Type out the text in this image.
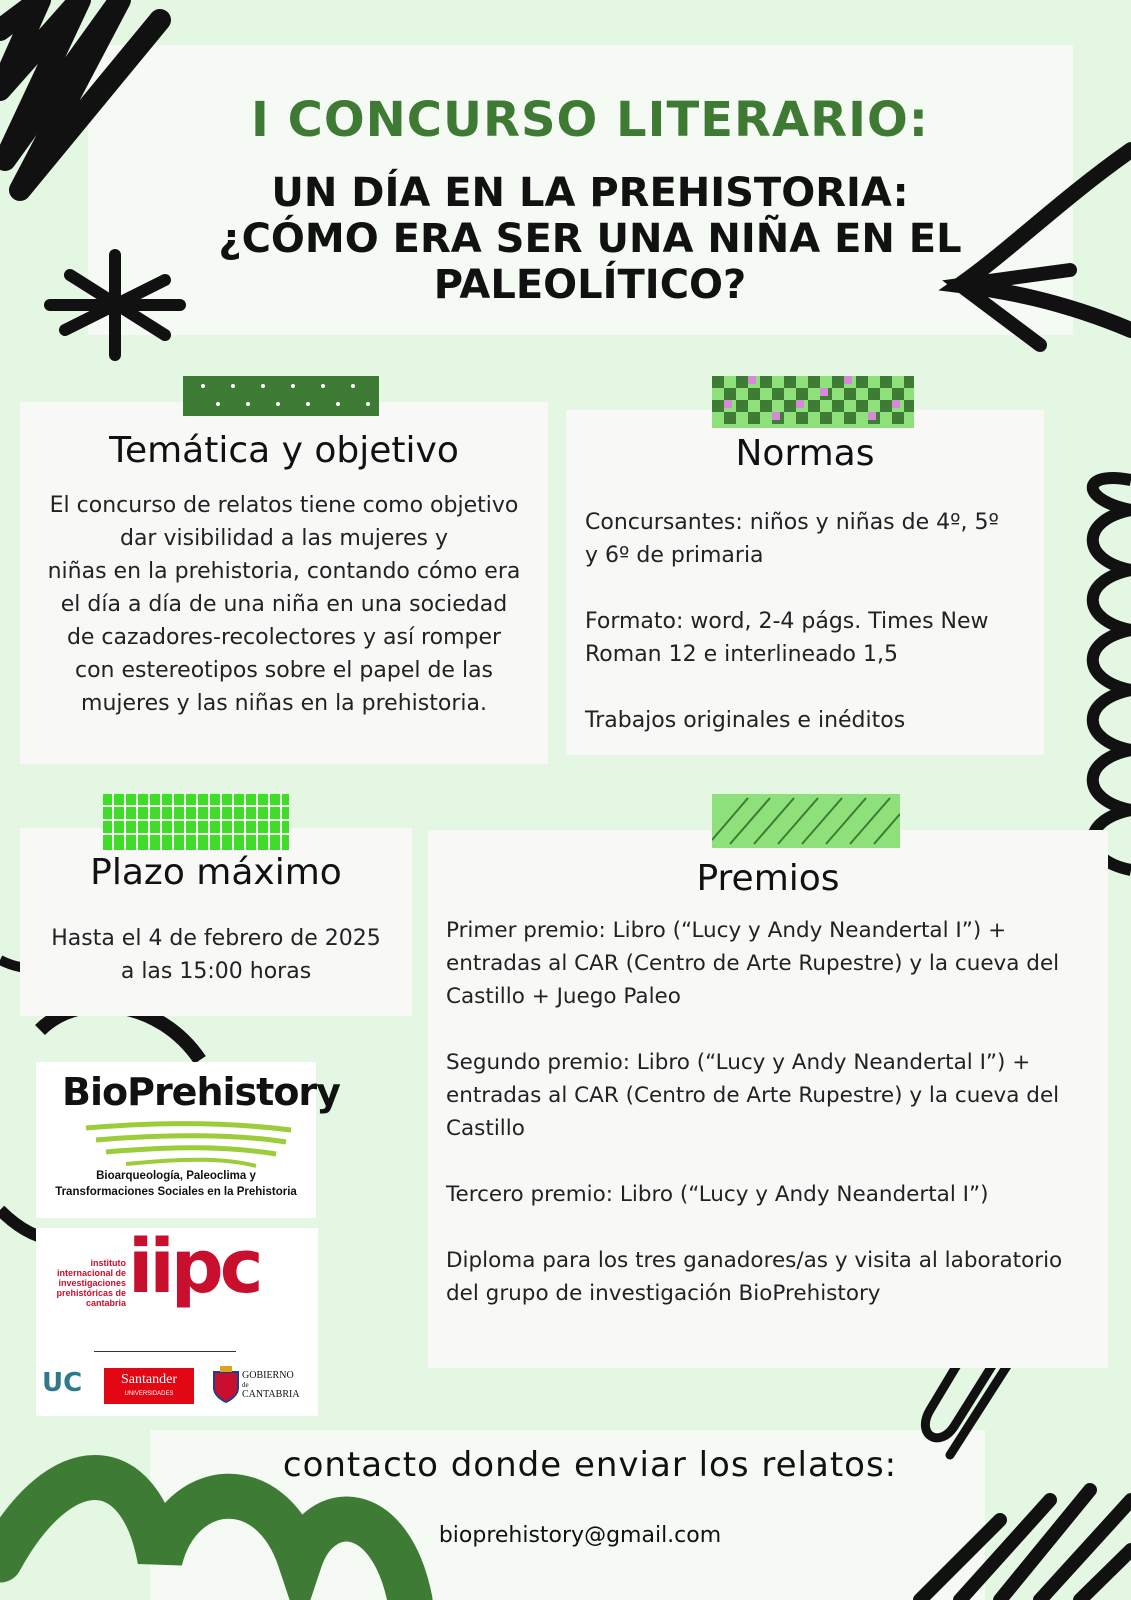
I CONCURSO LITERARIO:
UN DÍA EN LA PREHISTORIA:
¿CÓMO ERA SER UNA NIÑA EN EL
PALEOLÍTICO?
Temática y objetivo
El concurso de relatos tiene como objetivo
dar visibilidad a las mujeres y
niñas en la prehistoria, contando cómo era
el día a día de una niña en una sociedad
de cazadores-recolectores y así romper
con estereotipos sobre el papel de las
mujeres y las niñas en la prehistoria.
Normas
Concursantes: niños y niñas de 4º, 5º
y 6º de primaria
Formato: word, 2-4 págs. Times New
Roman 12 e interlineado 1,5
Trabajos originales e inéditos
Plazo máximo
Hasta el 4 de febrero de 2025
a las 15:00 horas
Premios
Primer premio: Libro (“Lucy y Andy Neandertal I”) +
entradas al CAR (Centro de Arte Rupestre) y la cueva del
Castillo + Juego Paleo
Segundo premio: Libro (“Lucy y Andy Neandertal I”) +
entradas al CAR (Centro de Arte Rupestre) y la cueva del
Castillo
Tercero premio: Libro (“Lucy y Andy Neandertal I”)
Diploma para los tres ganadores/as y visita al laboratorio
del grupo de investigación BioPrehistory
BioPrehistory
Bioarqueología, Paleoclima y
Transformaciones Sociales en la Prehistoria
instituto
internacional de
investigaciones
prehistóricas de
cantabria iipc
UC	Santander
UNIVERSIDADES
GOBIERNO
de
CANTABRIA
contacto donde enviar los relatos:
bioprehistory@gmail.com
